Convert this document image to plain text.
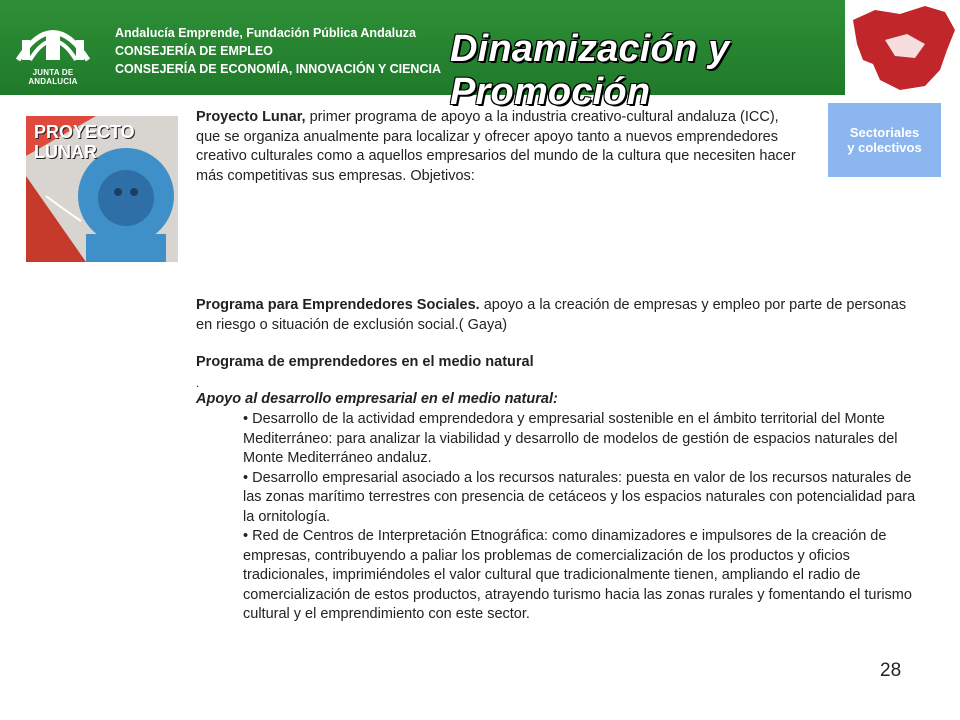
JUNTA DE ANDALUCIA
Andalucía Emprende, Fundación Pública Andaluza
CONSEJERÍA DE EMPLEO
CONSEJERÍA DE ECONOMÍA, INNOVACIÓN Y CIENCIA Dinamización y Promoción
Sectoriales
y colectivos
PROYECTO
LUNAR
Proyecto Lunar, primer programa de apoyo a la industria creativo-cultural andaluza (ICC), que se organiza anualmente para localizar y ofrecer apoyo tanto a nuevos emprendedores creativo culturales como a aquellos empresarios del mundo de la cultura que necesiten hacer más competitivas sus empresas. Objetivos:
Programa para Emprendedores Sociales. apoyo a la creación de empresas y empleo por parte de personas en riesgo o situación de exclusión social.( Gaya)
Programa de emprendedores en el medio natural
.
Apoyo al desarrollo empresarial en el medio natural:

• Desarrollo de la actividad emprendedora y empresarial sostenible en el ámbito territorial del Monte Mediterráneo: para analizar la viabilidad y desarrollo de modelos de gestión de espacios naturales del Monte Mediterráneo andaluz.

• Desarrollo empresarial asociado a los recursos naturales: puesta en valor de los recursos naturales de las zonas marítimo terrestres con presencia de cetáceos y los espacios naturales con potencialidad para la ornitología.

• Red de Centros de Interpretación Etnográfica: como dinamizadores e impulsores de la creación de empresas, contribuyendo a paliar los problemas de comercialización de los productos y oficios tradicionales, imprimiéndoles el valor cultural que tradicionalmente tienen, ampliando el radio de comercialización de estos productos, atrayendo turismo hacia las zonas rurales y fomentando el turismo cultural y el emprendimiento con este sector.

28
